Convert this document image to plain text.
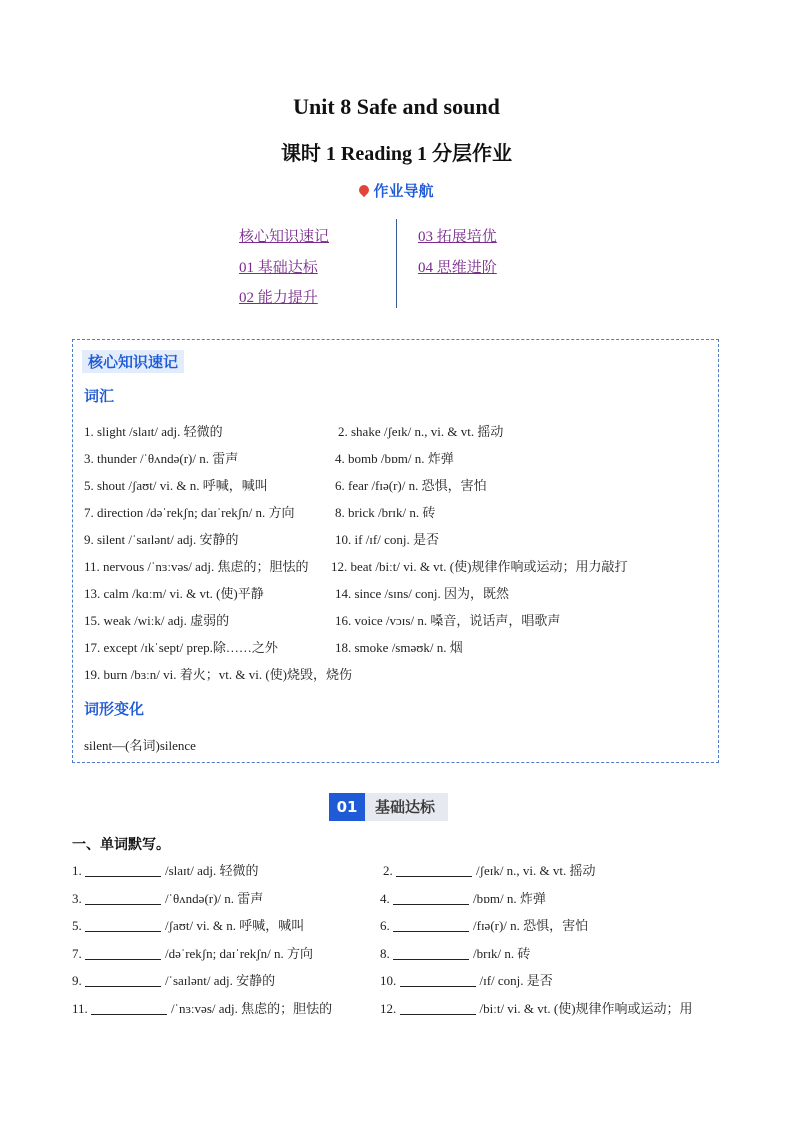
Unit 8 Safe and sound
课时 1 Reading 1 分层作业
作业导航
核心知识速记
01 基础达标
02 能力提升
03 拓展培优
04 思维进阶
核心知识速记
词汇
1. slight /slaɪt/ adj. 轻微的	2. shake /ʃeɪk/ n., vi. & vt. 摇动
3. thunder /ˈθʌndə(r)/ n. 雷声	4. bomb /bɒm/ n. 炸弹
5. shout /ʃaʊt/ vi. & n. 呼喊，喊叫	6. fear /fɪə(r)/ n. 恐惧，害怕
7. direction /dəˈrekʃn; daɪˈrekʃn/ n. 方向	8. brick /brɪk/ n. 砖
9. silent /ˈsaɪlənt/ adj. 安静的	10. if /ɪf/ conj. 是否
11. nervous /ˈnɜːvəs/ adj. 焦虑的；胆怯的 12. beat /biːt/ vi. & vt. (使)规律作响或运动；用力敲打
13. calm /kɑːm/ vi. & vt. (使)平静	14. since /sɪns/ conj. 因为，既然
15. weak /wiːk/ adj. 虚弱的	16. voice /vɔɪs/ n. 嗓音，说话声，唱歌声
17. except /ɪkˈsept/ prep.除……之外	18. smoke /sməʊk/ n. 烟
19. burn /bɜːn/ vi. 着火；vt. & vi. (使)烧毁，烧伤
词形变化
silent—(名词)silence
01	基础达标
一、单词默写。
1.	/slaɪt/ adj. 轻微的	2.	/ʃeɪk/ n., vi. & vt. 摇动
3.	/ˈθʌndə(r)/ n. 雷声	4.	/bɒm/ n. 炸弹
5.	/ʃaʊt/ vi. & n. 呼喊，喊叫	6.	/fɪə(r)/ n. 恐惧，害怕
7.	/dəˈrekʃn; daɪˈrekʃn/ n. 方向	8.	/brɪk/ n. 砖
9.	/ˈsaɪlənt/ adj. 安静的	10.	/ɪf/ conj. 是否
11.	/ˈnɜːvəs/ adj. 焦虑的；胆怯的	12.	/biːt/ vi. & vt. (使)规律作响或运动；用
